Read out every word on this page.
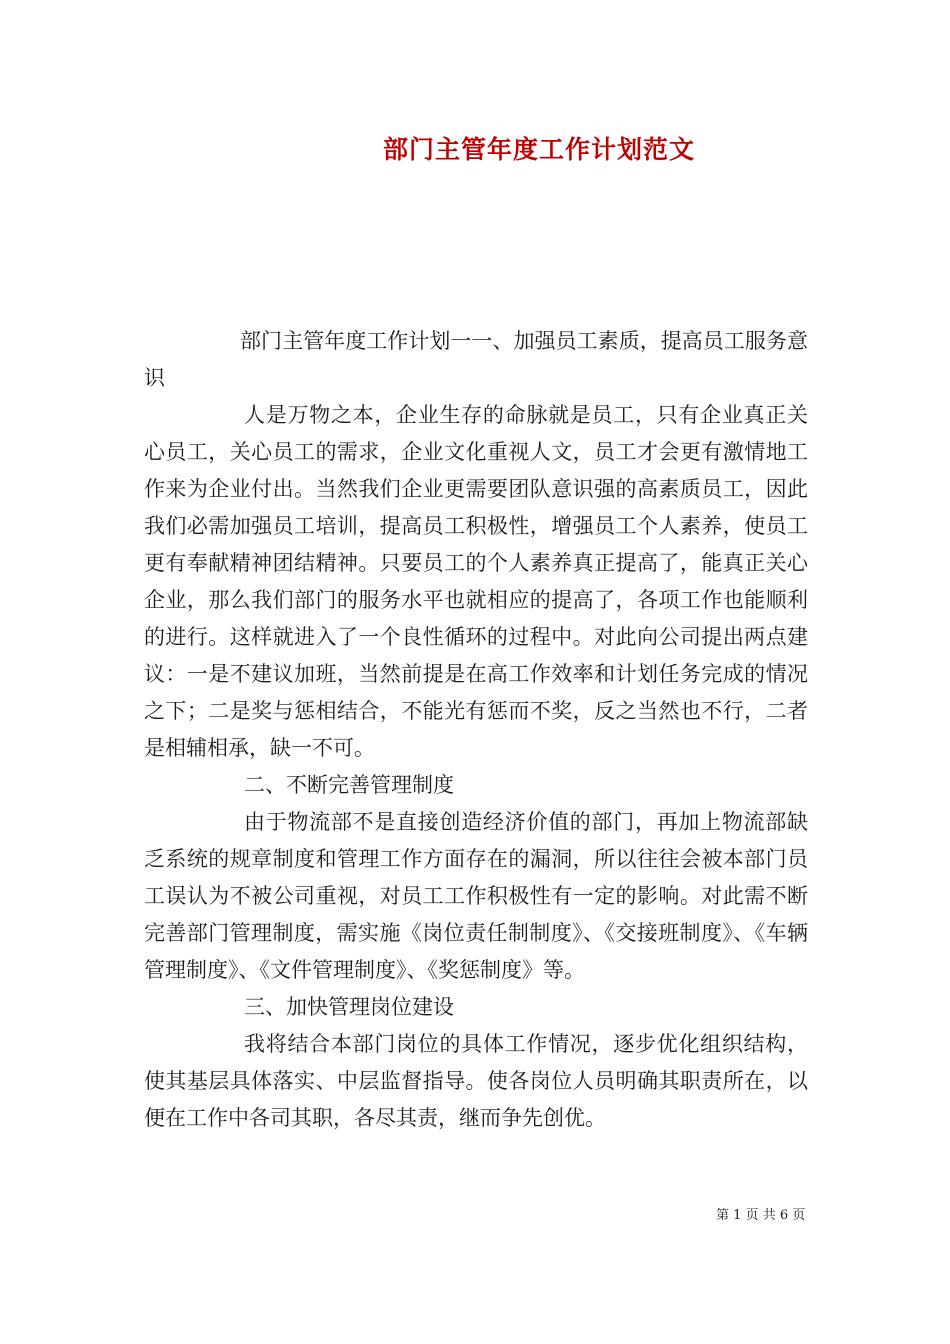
部门主管年度工作计划范文

部门主管年度工作计划一一、加强员工素质，提高员工服务意识

人是万物之本，企业生存的命脉就是员工，只有企业真正关心员工，关心员工的需求，企业文化重视人文，员工才会更有激情地工作来为企业付出。当然我们企业更需要团队意识强的高素质员工，因此我们必需加强员工培训，提高员工积极性，增强员工个人素养，使员工更有奉献精神团结精神。只要员工的个人素养真正提高了，能真正关心企业，那么我们部门的服务水平也就相应的提高了，各项工作也能顺利的进行。这样就进入了一个良性循环的过程中。对此向公司提出两点建议：一是不建议加班，当然前提是在高工作效率和计划任务完成的情况之下；二是奖与惩相结合，不能光有惩而不奖，反之当然也不行，二者是相辅相承，缺一不可。

二、不断完善管理制度

由于物流部不是直接创造经济价值的部门，再加上物流部缺乏系统的规章制度和管理工作方面存在的漏洞，所以往往会被本部门员工误认为不被公司重视，对员工工作积极性有一定的影响。对此需不断完善部门管理制度，需实施《岗位责任制制度》、《交接班制度》、《车辆管理制度》、《文件管理制度》、《奖惩制度》等。

三、加快管理岗位建设

我将结合本部门岗位的具体工作情况，逐步优化组织结构，使其基层具体落实、中层监督指导。使各岗位人员明确其职责所在，以便在工作中各司其职，各尽其责，继而争先创优。

第 1 页 共 6 页
